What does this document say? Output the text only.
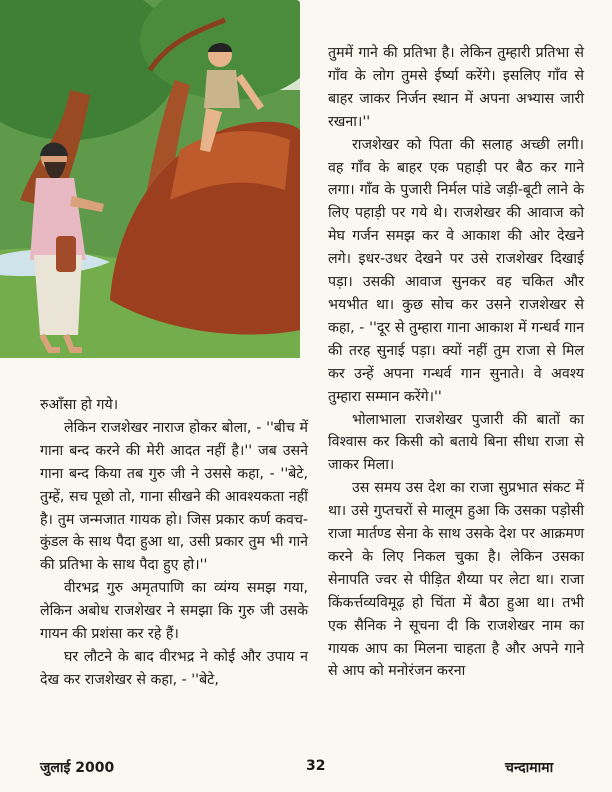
रुआँसा हो गये।

लेकिन राजशेखर नाराज होकर बोला, - ''बीच में गाना बन्द करने की मेरी आदत नहीं है।'' जब उसने गाना बन्द किया तब गुरु जी ने उससे कहा, - ''बेटे, तुम्हें, सच पूछो तो, गाना सीखने की आवश्यकता नहीं है। तुम जन्मजात गायक हो। जिस प्रकार कर्ण कवच-कुंडल के साथ पैदा हुआ था, उसी प्रकार तुम भी गाने की प्रतिभा के साथ पैदा हुए हो।''

वीरभद्र गुरु अमृतपाणि का व्यंग्य समझ गया, लेकिन अबोध राजशेखर ने समझा कि गुरु जी उसके गायन की प्रशंसा कर रहे हैं।

घर लौटने के बाद वीरभद्र ने कोई और उपाय न देख कर राजशेखर से कहा, - ''बेटे,

तुममें गाने की प्रतिभा है। लेकिन तुम्हारी प्रतिभा से गाँव के लोग तुमसे ईर्ष्या करेंगे। इसलिए गाँव से बाहर जाकर निर्जन स्थान में अपना अभ्यास जारी रखना।''

राजशेखर को पिता की सलाह अच्छी लगी। वह गाँव के बाहर एक पहाड़ी पर बैठ कर गाने लगा। गाँव के पुजारी निर्मल पांडे जड़ी-बूटी लाने के लिए पहाड़ी पर गये थे। राजशेखर की आवाज को मेघ गर्जन समझ कर वे आकाश की ओर देखने लगे। इधर-उधर देखने पर उसे राजशेखर दिखाई पड़ा। उसकी आवाज सुनकर वह चकित और भयभीत था। कुछ सोच कर उसने राजशेखर से कहा, - ''दूर से तुम्हारा गाना आकाश में गन्धर्व गान की तरह सुनाई पड़ा। क्यों नहीं तुम राजा से मिल कर उन्हें अपना गन्धर्व गान सुनाते। वे अवश्य तुम्हारा सम्मान करेंगे।''

भोलाभाला राजशेखर पुजारी की बातों का विश्वास कर किसी को बताये बिना सीधा राजा से जाकर मिला।

उस समय उस देश का राजा सुप्रभात संकट में था। उसे गुप्तचरों से मालूम हुआ कि उसका पड़ोसी राजा मार्तण्ड सेना के साथ उसके देश पर आक्रमण करने के लिए निकल चुका है। लेकिन उसका सेनापति ज्वर से पीड़ित शैय्या पर लेटा था। राजा किंकर्त्तव्यविमूढ़ हो चिंता में बैठा हुआ था। तभी एक सैनिक ने सूचना दी कि राजशेखर नाम का गायक आप का मिलना चाहता है और अपने गाने से आप को मनोरंजन करना

जुलाई 2000	32	चन्दामामा
